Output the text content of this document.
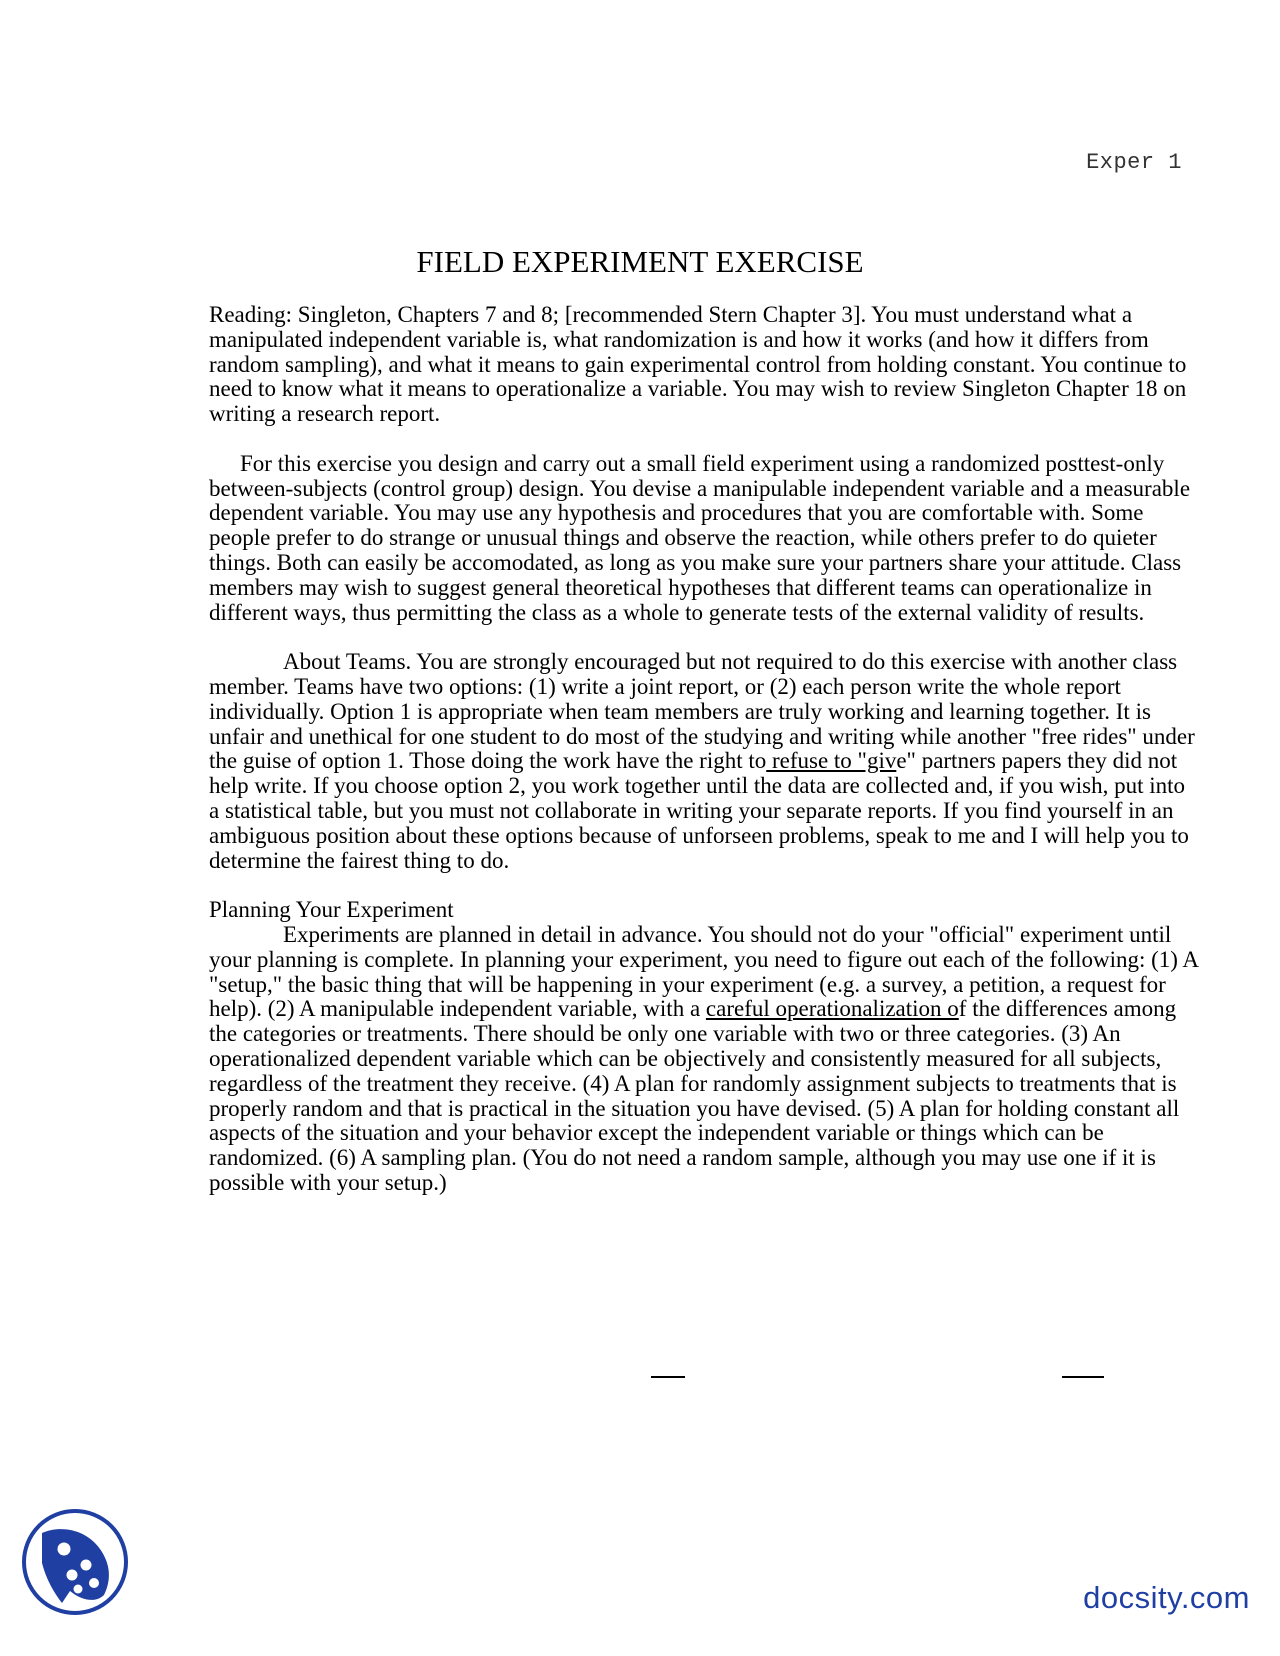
Exper 1
FIELD EXPERIMENT EXERCISE

Reading: Singleton, Chapters 7 and 8; [recommended Stern Chapter 3]. You must understand what a manipulated independent variable is, what randomization is and how it works (and how it differs from random sampling), and what it means to gain experimental control from holding constant. You continue to need to know what it means to operationalize a variable. You may wish to review Singleton Chapter 18 on writing a research report.

For this exercise you design and carry out a small field experiment using a randomized posttest-only between-subjects (control group) design. You devise a manipulable independent variable and a measurable dependent variable. You may use any hypothesis and procedures that you are comfortable with. Some people prefer to do strange or unusual things and observe the reaction, while others prefer to do quieter things. Both can easily be accomodated, as long as you make sure your partners share your attitude. Class members may wish to suggest general theoretical hypotheses that different teams can operationalize in different ways, thus permitting the class as a whole to generate tests of the external validity of results.

About Teams. You are strongly encouraged but not required to do this exercise with another class member. Teams have two options: (1) write a joint report, or (2) each person write the whole report individually. Option 1 is appropriate when team members are truly working and learning together. It is unfair and unethical for one student to do most of the studying and writing while another "free rides" under the guise of option 1. Those doing the work have the right to refuse to "give" partners papers they did not help write. If you choose option 2, you work together until the data are collected and, if you wish, put into a statistical table, but you must not collaborate in writing your separate reports. If you find yourself in an ambiguous position about these options because of unforseen problems, speak to me and I will help you to determine the fairest thing to do.

Planning Your Experiment

Experiments are planned in detail in advance. You should not do your "official" experiment until your planning is complete. In planning your experiment, you need to figure out each of the following: (1) A "setup," the basic thing that will be happening in your experiment (e.g. a survey, a petition, a request for help). (2) A manipulable independent variable, with a careful operationalization of the differences among the categories or treatments. There should be only one variable with two or three categories. (3) An operationalized dependent variable which can be objectively and consistently measured for all subjects, regardless of the treatment they receive. (4) A plan for randomly assignment subjects to treatments that is properly random and that is practical in the situation you have devised. (5) A plan for holding constant all aspects of the situation and your behavior except the independent variable or things which can be randomized. (6) A sampling plan. (You do not need a random sample, although you may use one if it is possible with your setup.)

docsity.com
